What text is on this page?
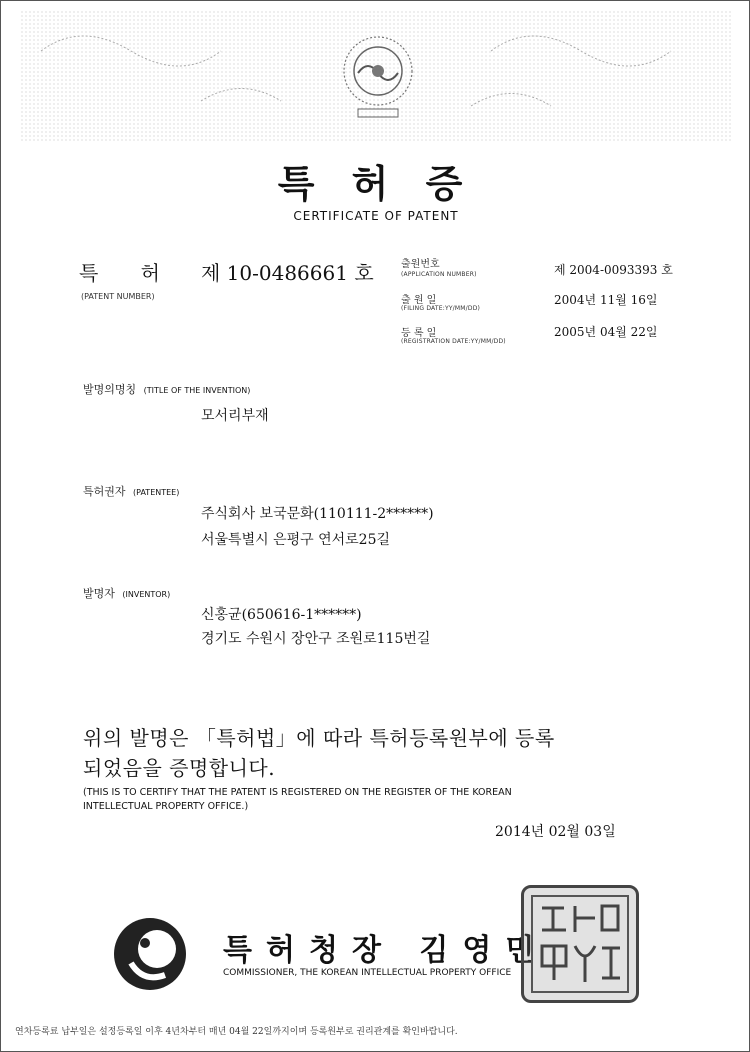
특 허 증
CERTIFICATE OF PATENT
특 허 제 10-0486661 호
(PATENT NUMBER)
출원번호
(APPLICATION NUMBER)	제 2004-0093393 호
출 원 일
(FILING DATE:YY/MM/DD)
2004년 11월 16일
등 록 일
(REGISTRATION DATE:YY/MM/DD)
2005년 04월 22일
발명의명칭 (TITLE OF THE INVENTION)
모서리부재
특허권자 (PATENTEE)
주식회사 보국문화(110111-2******)
서울특별시 은평구 연서로25길
발명자 (INVENTOR)
신홍균(650616-1******)
경기도 수원시 장안구 조원로115번길
위의 발명은 「특허법」에 따라 특허등록원부에 등록
되었음을 증명합니다.
(THIS IS TO CERTIFY THAT THE PATENT IS REGISTERED ON THE REGISTER OF THE KOREAN
INTELLECTUAL PROPERTY OFFICE.)
2014년 02월 03일
특허청장 김영민
COMMISSIONER, THE KOREAN INTELLECTUAL PROPERTY OFFICE
연차등록료 납부일은 설정등록일 이후 4년차부터 매년 04월 22일까지이며 등록원부로 권리관계를 확인바랍니다.
